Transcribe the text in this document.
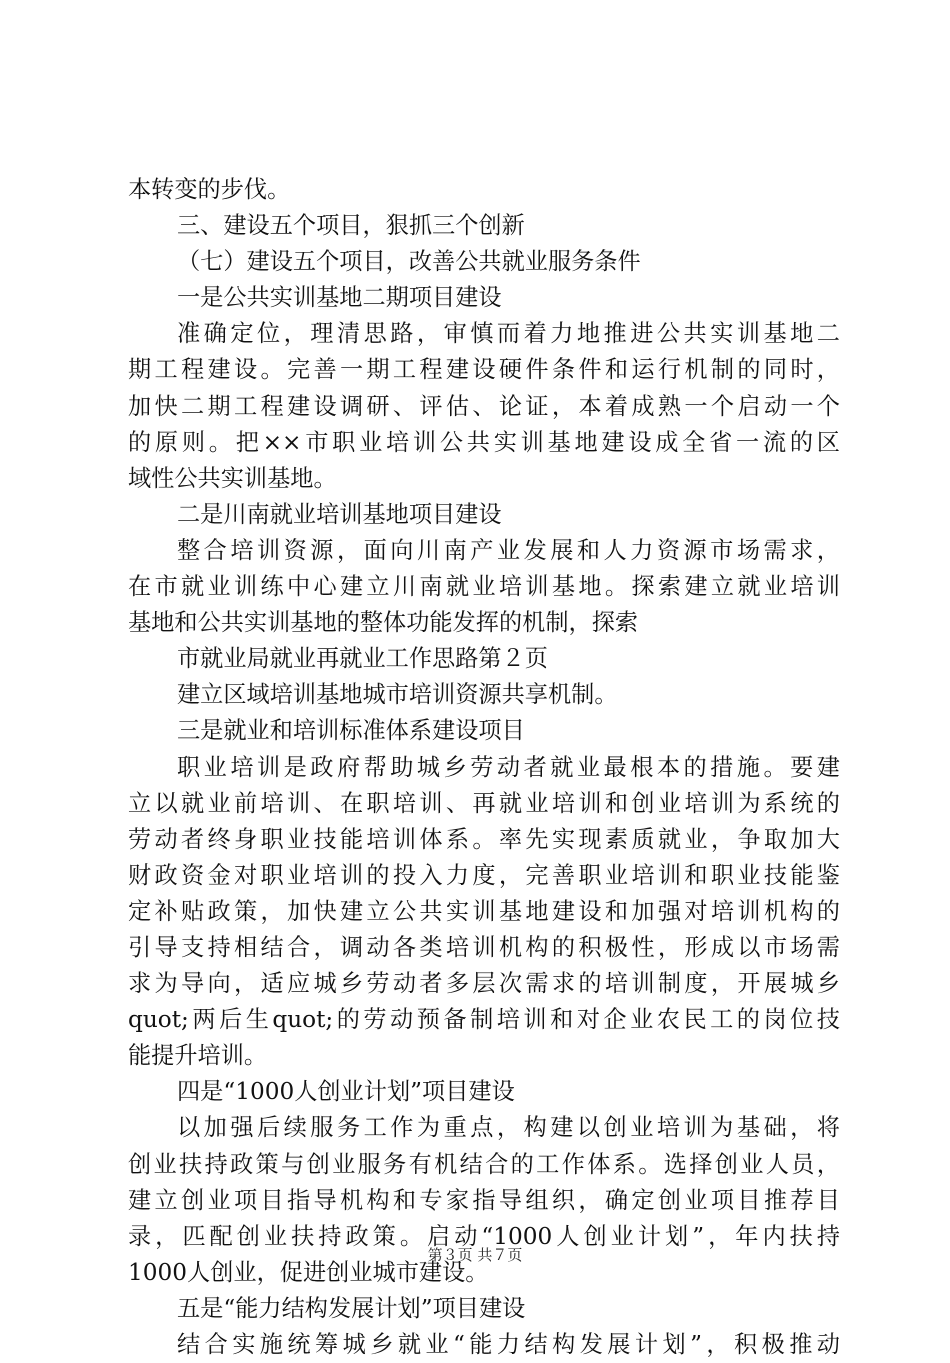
本转变的步伐。
三、建设五个项目，狠抓三个创新
（七）建设五个项目，改善公共就业服务条件
一是公共实训基地二期项目建设
准确定位，理清思路，审慎而着力地推进公共实训基地二
期工程建设。完善一期工程建设硬件条件和运行机制的同时，
加快二期工程建设调研、评估、论证，本着成熟一个启动一个
的原则。把××市职业培训公共实训基地建设成全省一流的区
域性公共实训基地。
二是川南就业培训基地项目建设
整合培训资源，面向川南产业发展和人力资源市场需求，
在市就业训练中心建立川南就业培训基地。探索建立就业培训
基地和公共实训基地的整体功能发挥的机制，探索
市就业局就业再就业工作思路第２页
建立区域培训基地城市培训资源共享机制。
三是就业和培训标准体系建设项目
职业培训是政府帮助城乡劳动者就业最根本的措施。要建
立以就业前培训、在职培训、再就业培训和创业培训为系统的
劳动者终身职业技能培训体系。率先实现素质就业，争取加大
财政资金对职业培训的投入力度，完善职业培训和职业技能鉴
定补贴政策，加快建立公共实训基地建设和加强对培训机构的
引导支持相结合，调动各类培训机构的积极性，形成以市场需
求为导向，适应城乡劳动者多层次需求的培训制度，开展城乡
quot;两后生quot;的劳动预备制培训和对企业农民工的岗位技
能提升培训。
四是“1000人创业计划”项目建设
以加强后续服务工作为重点，构建以创业培训为基础，将
创业扶持政策与创业服务有机结合的工作体系。选择创业人员，
建立创业项目指导机构和专家指导组织，确定创业项目推荐目
录，匹配创业扶持政策。启动“1000人创业计划”，年内扶持
1000人创业，促进创业城市建设。
五是“能力结构发展计划”项目建设
结合实施统筹城乡就业“能力结构发展计划”，积极推动
第３页 共７页
